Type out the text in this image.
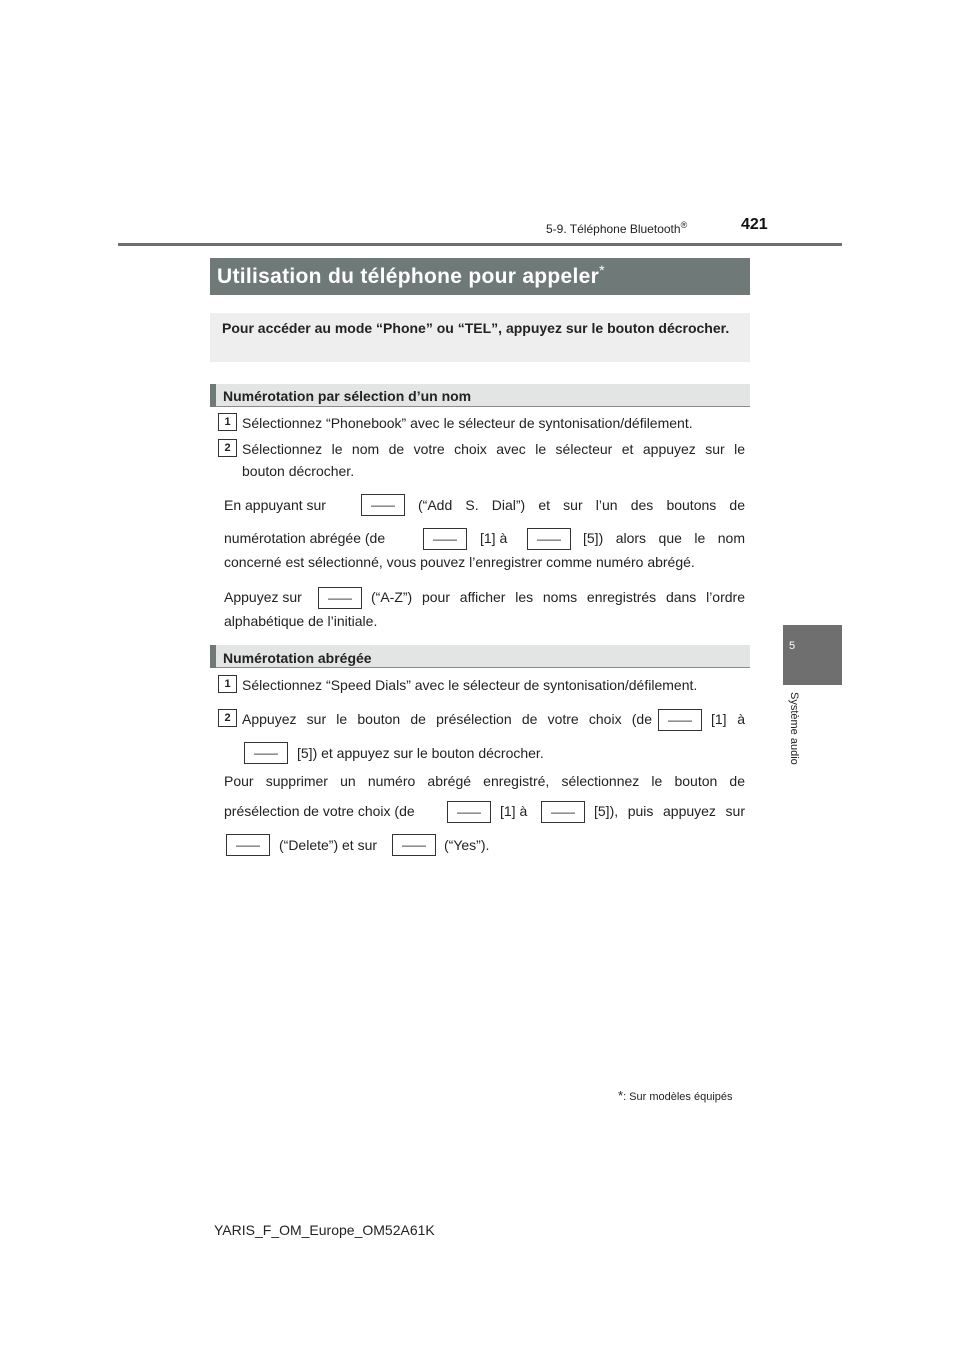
5-9. Téléphone Bluetooth®	421
5
Système audio
Utilisation du téléphone pour appeler*
Pour accéder au mode “Phone” ou “TEL”, appuyez sur le bouton décrocher.
Numérotation par sélection d’un nom
1 Sélectionnez “Phonebook” avec le sélecteur de syntonisation/défilement.
2 Sélectionnez le nom de votre choix avec le sélecteur et appuyez sur le
bouton décrocher.
En appuyant sur	——	(“Add S. Dial”) et sur l’un des boutons de
numérotation abrégée (de	——	[1] à	——	[5]) alors que le nom
concerné est sélectionné, vous pouvez l’enregistrer comme numéro abrégé.
Appuyez sur	——	(“A-Z”) pour afficher les noms enregistrés dans l’ordre
alphabétique de l’initiale.
Numérotation abrégée
1 Sélectionnez “Speed Dials” avec le sélecteur de syntonisation/défilement.
2 Appuyez sur le bouton de présélection de votre choix (de	——	[1] à
——	[5]) et appuyez sur le bouton décrocher.
Pour supprimer un numéro abrégé enregistré, sélectionnez le bouton de
présélection de votre choix (de	——	[1] à	——	[5]), puis appuyez sur
——	(“Delete”) et sur	——	(“Yes”).
*: Sur modèles équipés
YARIS_F_OM_Europe_OM52A61K
